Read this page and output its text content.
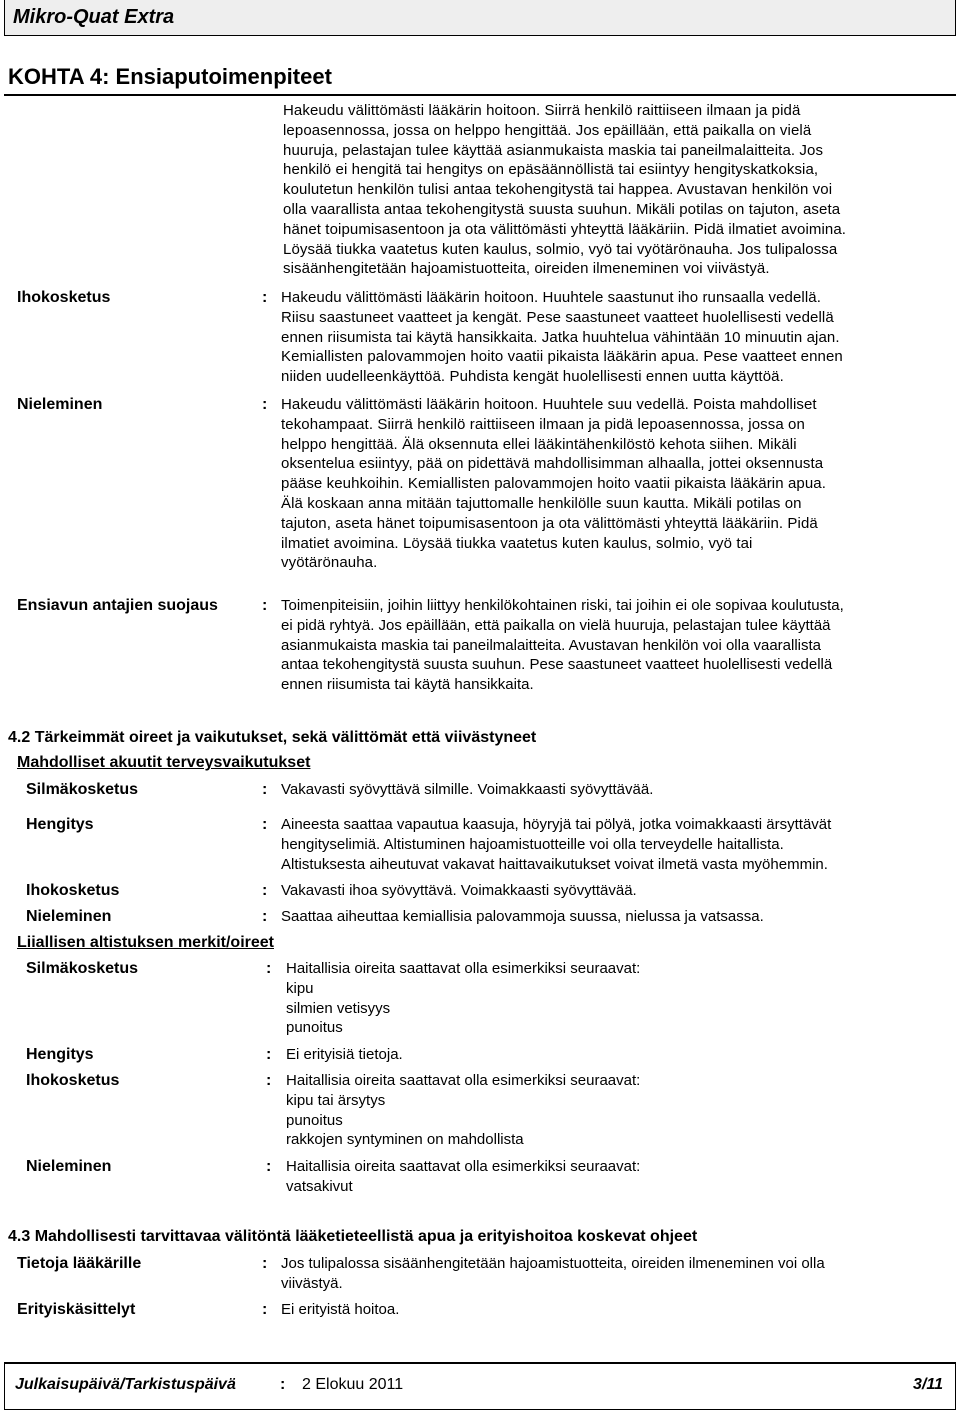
Mikro-Quat Extra
KOHTA 4: Ensiaputoimenpiteet
Hakeudu välittömästi lääkärin hoitoon. Siirrä henkilö raittiiseen ilmaan ja pidä
lepoasennossa, jossa on helppo hengittää. Jos epäillään, että paikalla on vielä
huuruja, pelastajan tulee käyttää asianmukaista maskia tai paneilmalaitteita. Jos
henkilö ei hengitä tai hengitys on epäsäännöllistä tai esiintyy hengityskatkoksia,
koulutetun henkilön tulisi antaa tekohengitystä tai happea. Avustavan henkilön voi
olla vaarallista antaa tekohengitystä suusta suuhun. Mikäli potilas on tajuton, aseta
hänet toipumisasentoon ja ota välittömästi yhteyttä lääkäriin. Pidä ilmatiet avoimina.
Löysää tiukka vaatetus kuten kaulus, solmio, vyö tai vyötärönauha. Jos tulipalossa
sisäänhengitetään hajoamistuotteita, oireiden ilmeneminen voi viivästyä.
Ihokosketus	: Hakeudu välittömästi lääkärin hoitoon. Huuhtele saastunut iho runsaalla vedellä.
Riisu saastuneet vaatteet ja kengät. Pese saastuneet vaatteet huolellisesti vedellä
ennen riisumista tai käytä hansikkaita. Jatka huuhtelua vähintään 10 minuutin ajan.
Kemiallisten palovammojen hoito vaatii pikaista lääkärin apua. Pese vaatteet ennen
niiden uudelleenkäyttöä. Puhdista kengät huolellisesti ennen uutta käyttöä.
Nieleminen	: Hakeudu välittömästi lääkärin hoitoon. Huuhtele suu vedellä. Poista mahdolliset
tekohampaat. Siirrä henkilö raittiiseen ilmaan ja pidä lepoasennossa, jossa on
helppo hengittää. Älä oksennuta ellei lääkintähenkilöstö kehota siihen. Mikäli
oksentelua esiintyy, pää on pidettävä mahdollisimman alhaalla, jottei oksennusta
pääse keuhkoihin. Kemiallisten palovammojen hoito vaatii pikaista lääkärin apua.
Älä koskaan anna mitään tajuttomalle henkilölle suun kautta. Mikäli potilas on
tajuton, aseta hänet toipumisasentoon ja ota välittömästi yhteyttä lääkäriin. Pidä
ilmatiet avoimina. Löysää tiukka vaatetus kuten kaulus, solmio, vyö tai
vyötärönauha.
Ensiavun antajien suojaus	: Toimenpiteisiin, joihin liittyy henkilökohtainen riski, tai joihin ei ole sopivaa koulutusta,
ei pidä ryhtyä. Jos epäillään, että paikalla on vielä huuruja, pelastajan tulee käyttää
asianmukaista maskia tai paneilmalaitteita. Avustavan henkilön voi olla vaarallista
antaa tekohengitystä suusta suuhun. Pese saastuneet vaatteet huolellisesti vedellä
ennen riisumista tai käytä hansikkaita.
4.2 Tärkeimmät oireet ja vaikutukset, sekä välittömät että viivästyneet
Mahdolliset akuutit terveysvaikutukset
Silmäkosketus	: Vakavasti syövyttävä silmille. Voimakkaasti syövyttävää.
Hengitys	: Aineesta saattaa vapautua kaasuja, höyryjä tai pölyä, jotka voimakkaasti ärsyttävät
hengityselimiä. Altistuminen hajoamistuotteille voi olla terveydelle haitallista.
Altistuksesta aiheutuvat vakavat haittavaikutukset voivat ilmetä vasta myöhemmin.
Ihokosketus	: Vakavasti ihoa syövyttävä. Voimakkaasti syövyttävää.
Nieleminen	: Saattaa aiheuttaa kemiallisia palovammoja suussa, nielussa ja vatsassa.
Liiallisen altistuksen merkit/oireet
Silmäkosketus	: Haitallisia oireita saattavat olla esimerkiksi seuraavat:
kipu
silmien vetisyys
punoitus
Hengitys	: Ei erityisiä tietoja.
Ihokosketus	: Haitallisia oireita saattavat olla esimerkiksi seuraavat:
kipu tai ärsytys
punoitus
rakkojen syntyminen on mahdollista
Nieleminen	: Haitallisia oireita saattavat olla esimerkiksi seuraavat:
vatsakivut
4.3 Mahdollisesti tarvittavaa välitöntä lääketieteellistä apua ja erityishoitoa koskevat ohjeet
Tietoja lääkärille	: Jos tulipalossa sisäänhengitetään hajoamistuotteita, oireiden ilmeneminen voi olla
viivästyä.
Erityiskäsittelyt	: Ei erityistä hoitoa.
Julkaisupäivä/Tarkistuspäivä	: 2 Elokuu 2011	3/11
